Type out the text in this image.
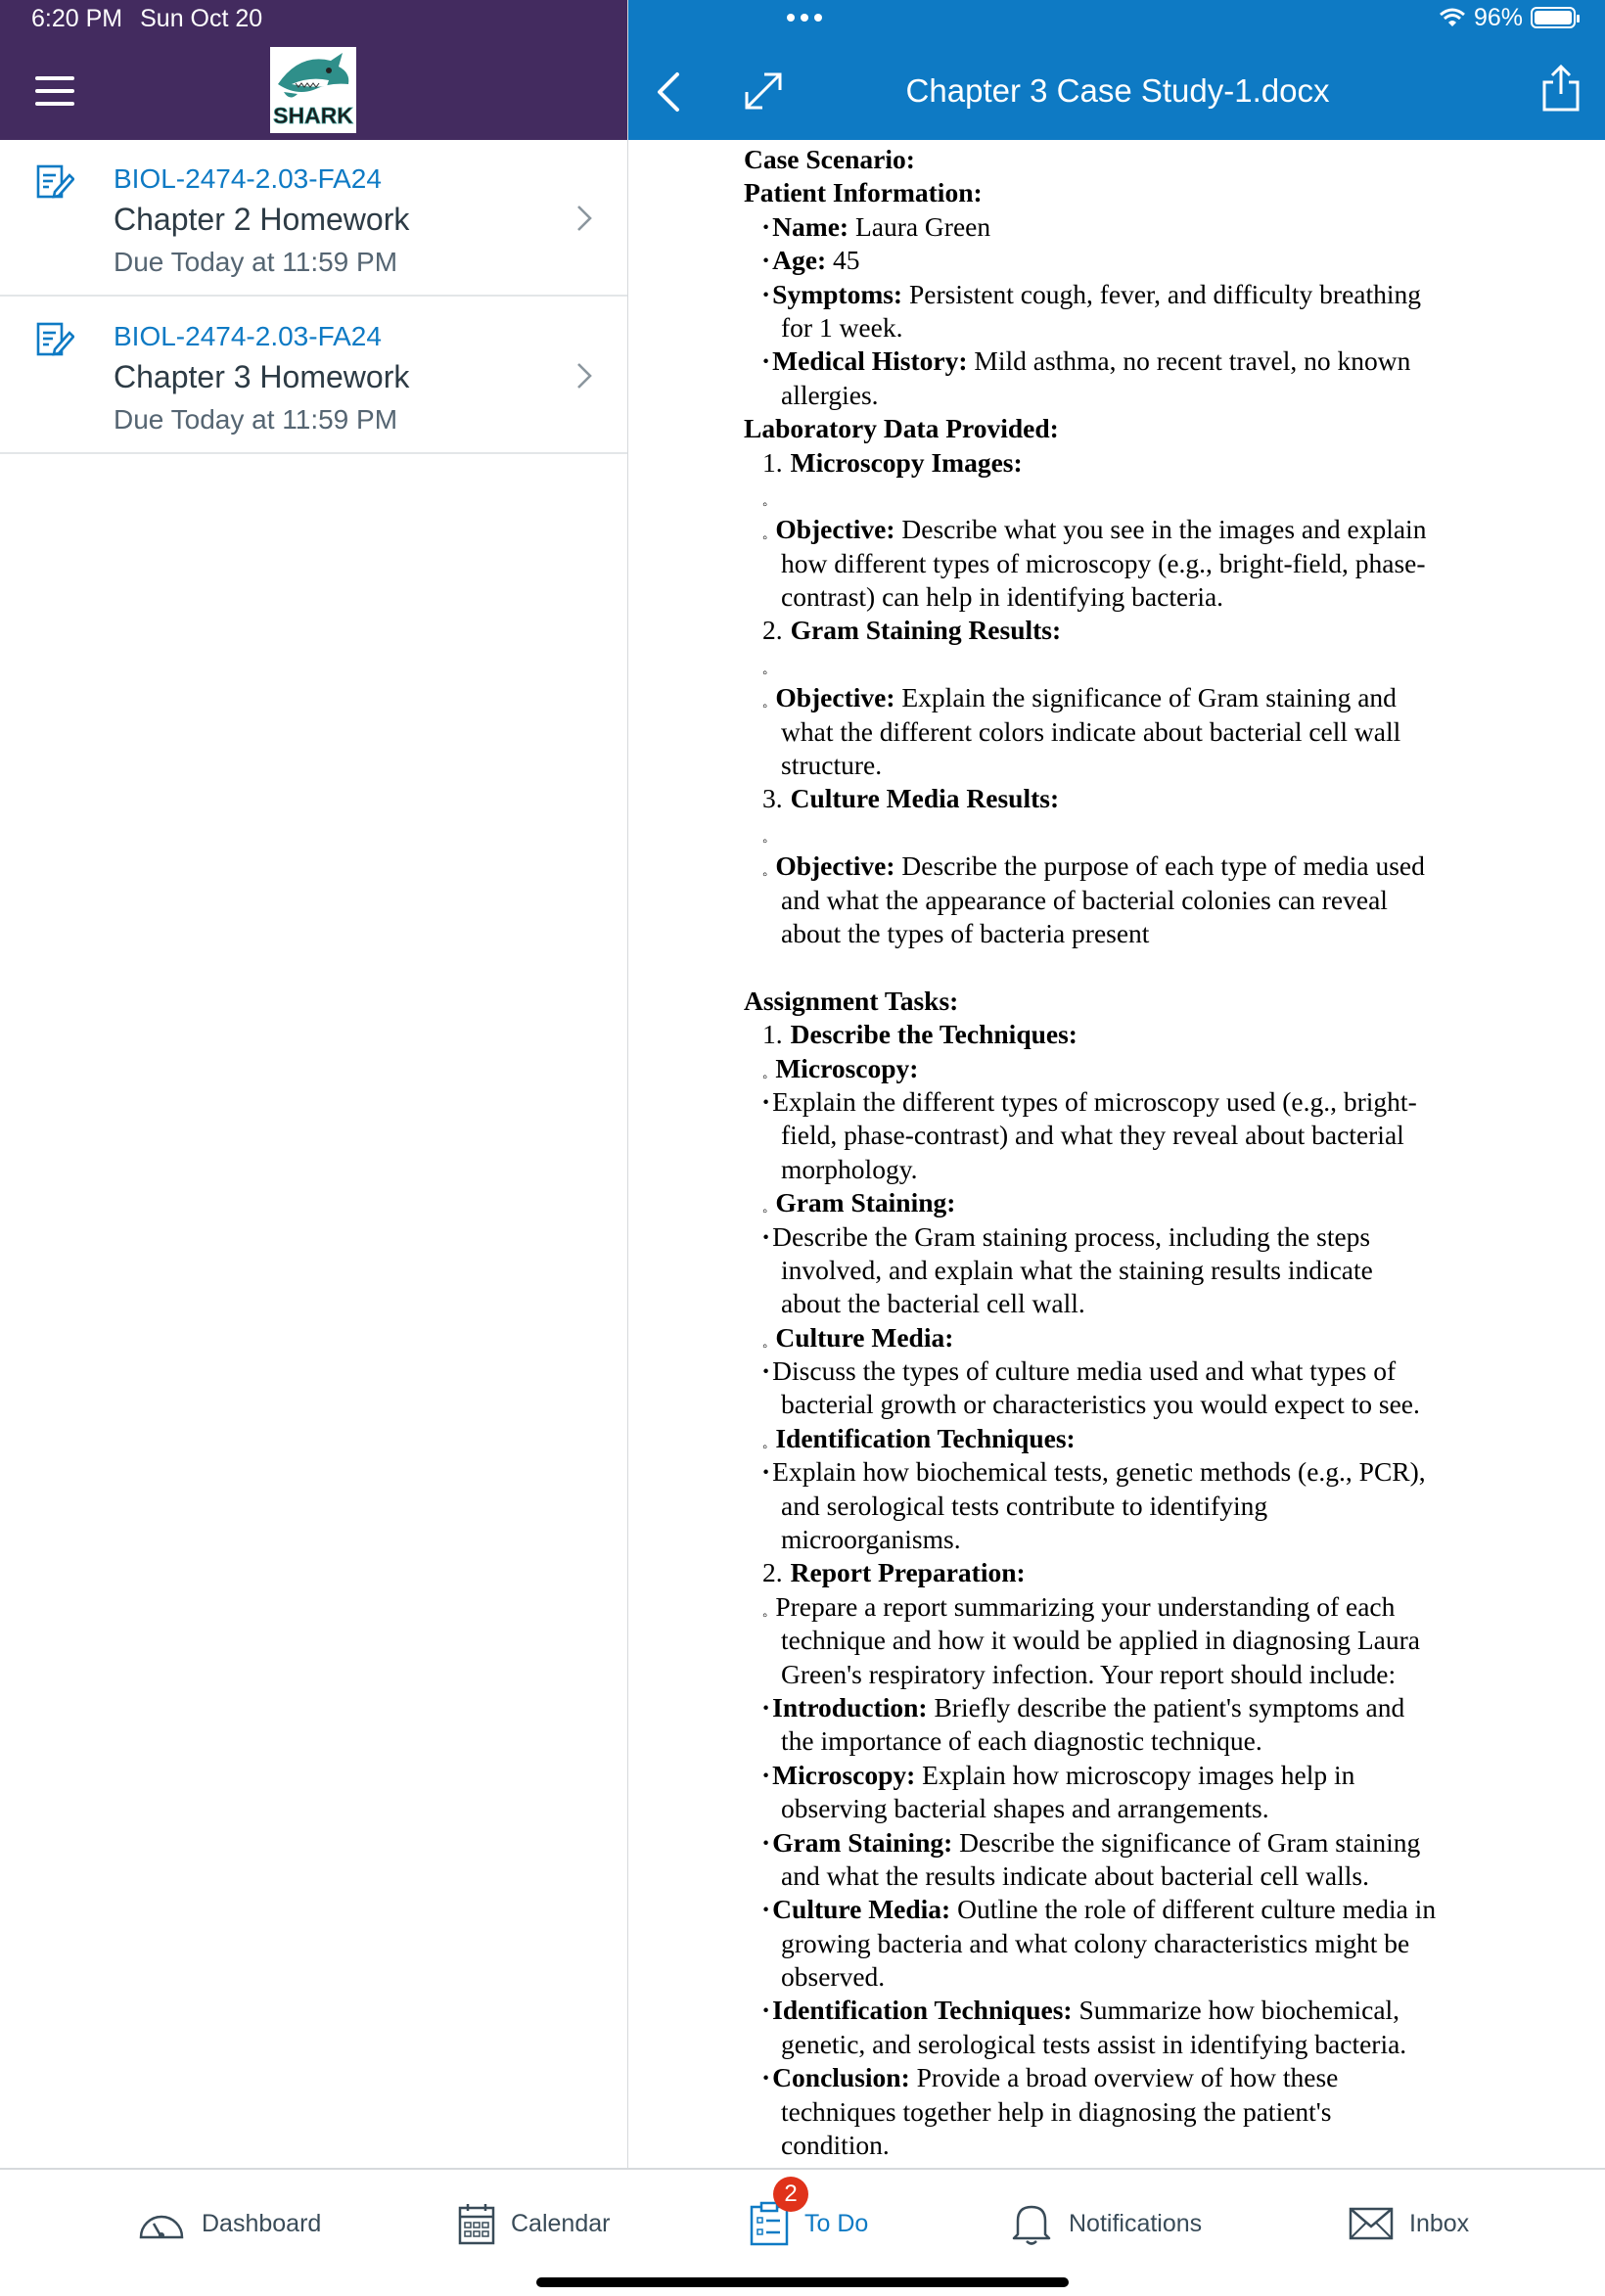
6:20 PM Sun Oct 20
SHARK
BIOL-2474-2.03-FA24
Chapter 2 Homework
Due Today at 11:59 PM
BIOL-2474-2.03-FA24
Chapter 3 Homework
Due Today at 11:59 PM
96%
Chapter 3 Case Study-1.docx
Case Scenario:
Patient Information:
·Name: Laura Green
·Age: 45
·Symptoms: Persistent cough, fever, and difficulty breathing
for 1 week.
·Medical History: Mild asthma, no recent travel, no known
allergies.
Laboratory Data Provided:
1. Microscopy Images:
◦
◦ Objective: Describe what you see in the images and explain
how different types of microscopy (e.g., bright-field, phase-
contrast) can help in identifying bacteria.
2. Gram Staining Results:
◦
◦ Objective: Explain the significance of Gram staining and
what the different colors indicate about bacterial cell wall
structure.
3. Culture Media Results:
◦
◦ Objective: Describe the purpose of each type of media used
and what the appearance of bacterial colonies can reveal
about the types of bacteria present
Assignment Tasks:
1. Describe the Techniques:
◦ Microscopy:
·Explain the different types of microscopy used (e.g., bright-
field, phase-contrast) and what they reveal about bacterial
morphology.
◦ Gram Staining:
·Describe the Gram staining process, including the steps
involved, and explain what the staining results indicate
about the bacterial cell wall.
◦ Culture Media:
·Discuss the types of culture media used and what types of
bacterial growth or characteristics you would expect to see.
◦ Identification Techniques:
·Explain how biochemical tests, genetic methods (e.g., PCR),
and serological tests contribute to identifying
microorganisms.
2. Report Preparation:
◦ Prepare a report summarizing your understanding of each
technique and how it would be applied in diagnosing Laura
Green's respiratory infection. Your report should include:
·Introduction: Briefly describe the patient's symptoms and
the importance of each diagnostic technique.
·Microscopy: Explain how microscopy images help in
observing bacterial shapes and arrangements.
·Gram Staining: Describe the significance of Gram staining
and what the results indicate about bacterial cell walls.
·Culture Media: Outline the role of different culture media in
growing bacteria and what colony characteristics might be
observed.
·Identification Techniques: Summarize how biochemical,
genetic, and serological tests assist in identifying bacteria.
·Conclusion: Provide a broad overview of how these
techniques together help in diagnosing the patient's
condition.
Dashboard	Calendar	To Do	Notifications	Inbox
2
